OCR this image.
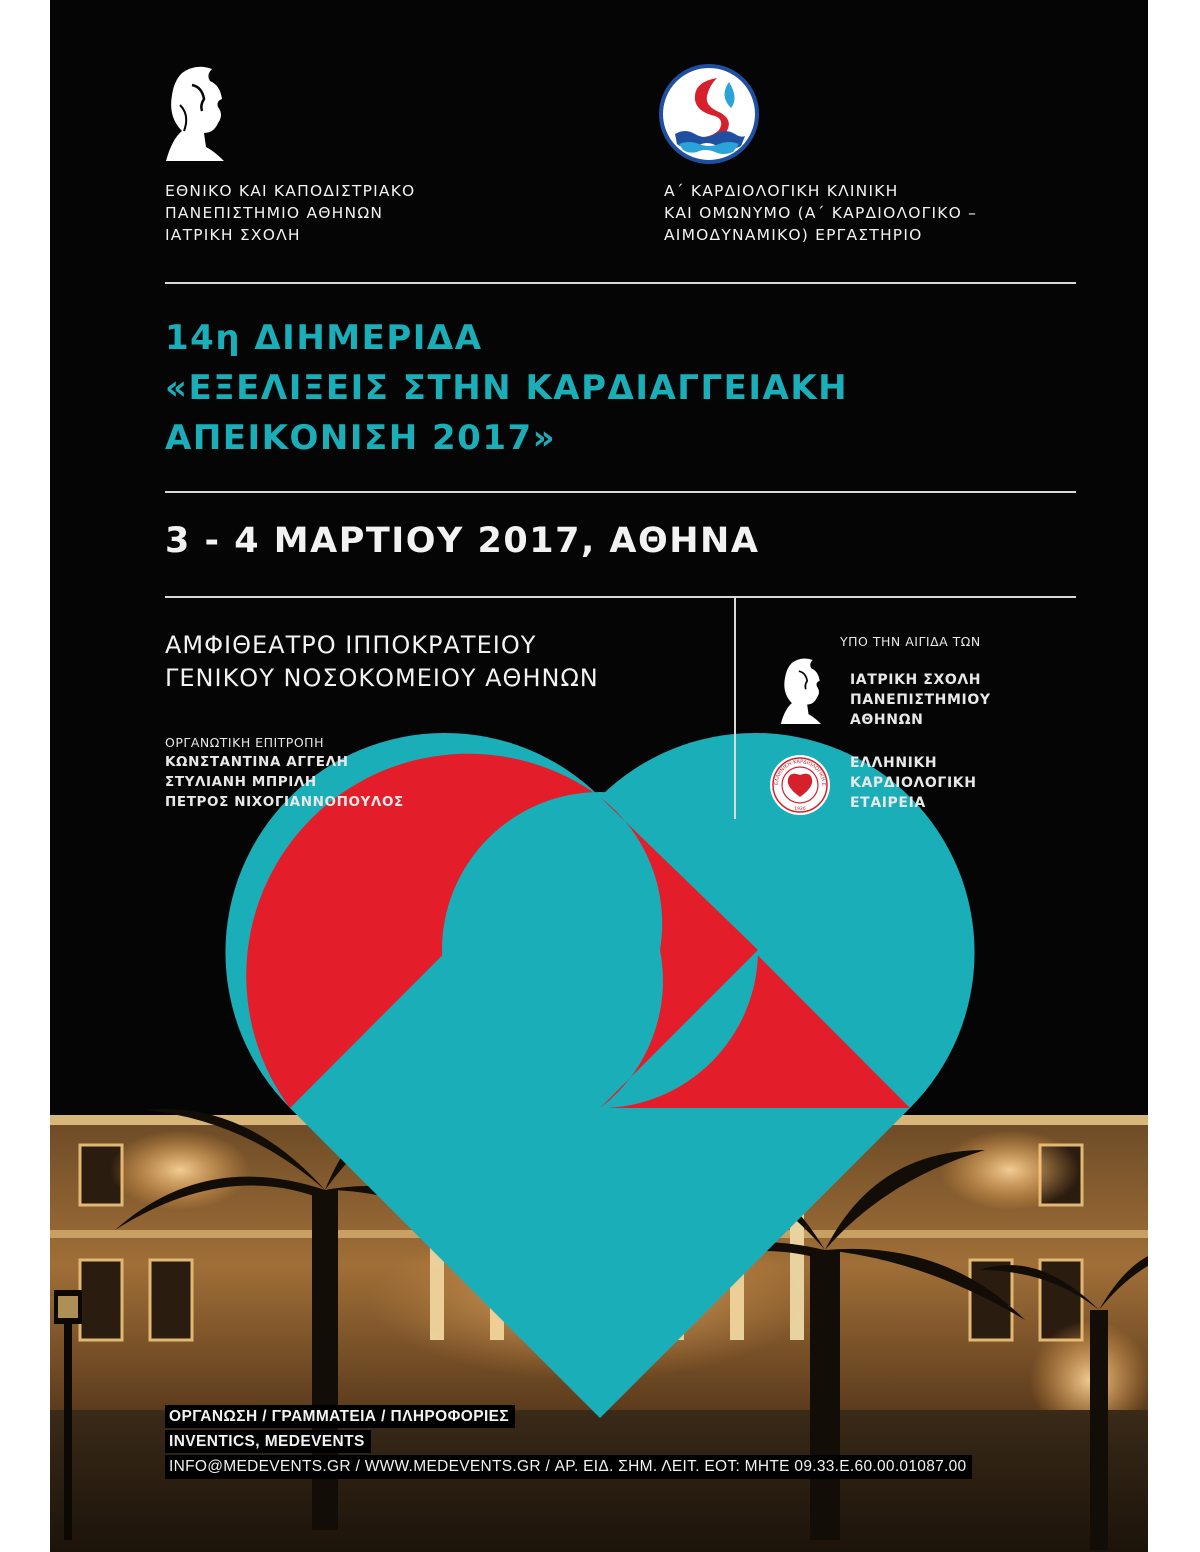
ΕΘΝΙΚΟ ΚΑΙ ΚΑΠΟΔΙΣΤΡΙΑΚΟ
ΠΑΝΕΠΙΣΤΗΜΙΟ ΑΘΗΝΩΝ
ΙΑΤΡΙΚΗ ΣΧΟΛΗ
Α΄ ΚΑΡΔΙΟΛΟΓΙΚΗ ΚΛΙΝΙΚΗ
ΚΑΙ ΟΜΩΝΥΜΟ (Α΄ ΚΑΡΔΙΟΛΟΓΙΚΟ –
ΑΙΜΟΔΥΝΑΜΙΚΟ) ΕΡΓΑΣΤΗΡΙΟ
14η ΔΙΗΜΕΡΙΔΑ
«ΕΞΕΛΙΞΕΙΣ ΣΤΗΝ ΚΑΡΔΙΑΓΓΕΙΑΚΗ
ΑΠΕΙΚΟΝΙΣΗ 2017»
3 - 4 ΜΑΡΤΙΟΥ 2017, ΑΘΗΝΑ
ΑΜΦΙΘΕΑΤΡΟ ΙΠΠΟΚΡΑΤΕΙΟΥ
ΓΕΝΙΚΟΥ ΝΟΣΟΚΟΜΕΙΟΥ ΑΘΗΝΩΝ
ΟΡΓΑΝΩΤΙΚΗ ΕΠΙΤΡΟΠΗ
ΚΩΝΣΤΑΝΤΙΝΑ ΑΓΓΕΛΗ
ΣΤΥΛΙΑΝΗ ΜΠΡΙΛΗ
ΠΕΤΡΟΣ ΝΙΧΟΓΙΑΝΝΟΠΟΥΛΟΣ
ΥΠΟ ΤΗΝ ΑΙΓΙΔΑ ΤΩΝ
ΙΑΤΡΙΚΗ ΣΧΟΛΗ
ΠΑΝΕΠΙΣΤΗΜΙΟΥ
ΑΘΗΝΩΝ
ΕΛΛΗΝΙΚΗ ΚΑΡΔΙΟΛΟΓΙΚΗ Ε
1926
ΕΛΛΗΝΙΚΗ
ΚΑΡΔΙΟΛΟΓΙΚΗ
ΕΤΑΙΡΕΙΑ
ΟΡΓΑΝΩΣΗ / ΓΡΑΜΜΑΤΕΙΑ / ΠΛΗΡΟΦΟΡΙΕΣ
INVENTICS, MEDEVENTS
INFO@MEDEVENTS.GR / WWW.MEDEVENTS.GR / ΑΡ. ΕΙΔ. ΣΗΜ. ΛΕΙΤ. ΕΟΤ: ΜΗΤΕ 09.33.Ε.60.00.01087.00
